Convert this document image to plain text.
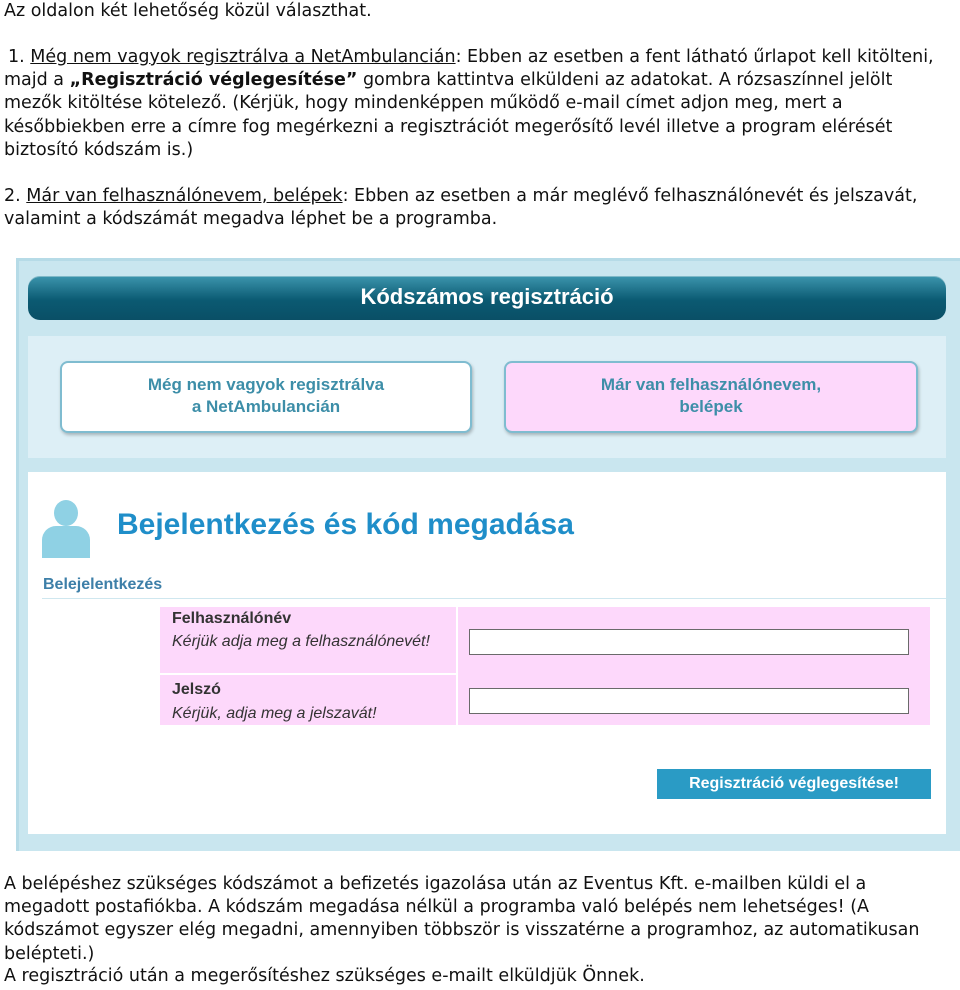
Az oldalon két lehetőség közül választhat.
1. Még nem vagyok regisztrálva a NetAmbulancián: Ebben az esetben a fent látható űrlapot kell kitölteni, majd a „Regisztráció véglegesítése” gombra kattintva elküldeni az adatokat. A rózsaszínnel jelölt mezők kitöltése kötelező. (Kérjük, hogy mindenképpen működő e-mail címet adjon meg, mert a későbbiekben erre a címre fog megérkezni a regisztrációt megerősítő levél illetve a program elérését biztosító kódszám is.)
2. Már van felhasználónevem, belépek: Ebben az esetben a már meglévő felhasználónevét és jelszavát, valamint a kódszámát megadva léphet be a programba.
Kódszámos regisztráció
Még nem vagyok regisztrálva
a NetAmbulancián
Már van felhasználónevem,
belépek
Bejelentkezés és kód megadása
Belejelentkezés
Felhasználónév
Kérjük adja meg a felhasználónevét!
Jelszó
Kérjük, adja meg a jelszavát!
Regisztráció véglegesítése!
A belépéshez szükséges kódszámot a befizetés igazolása után az Eventus Kft. e-mailben küldi el a megadott postafiókba. A kódszám megadása nélkül a programba való belépés nem lehetséges! (A kódszámot egyszer elég megadni, amennyiben többször is visszatérne a programhoz, az automatikusan belépteti.)
A regisztráció után a megerősítéshez szükséges e-mailt elküldjük Önnek.
